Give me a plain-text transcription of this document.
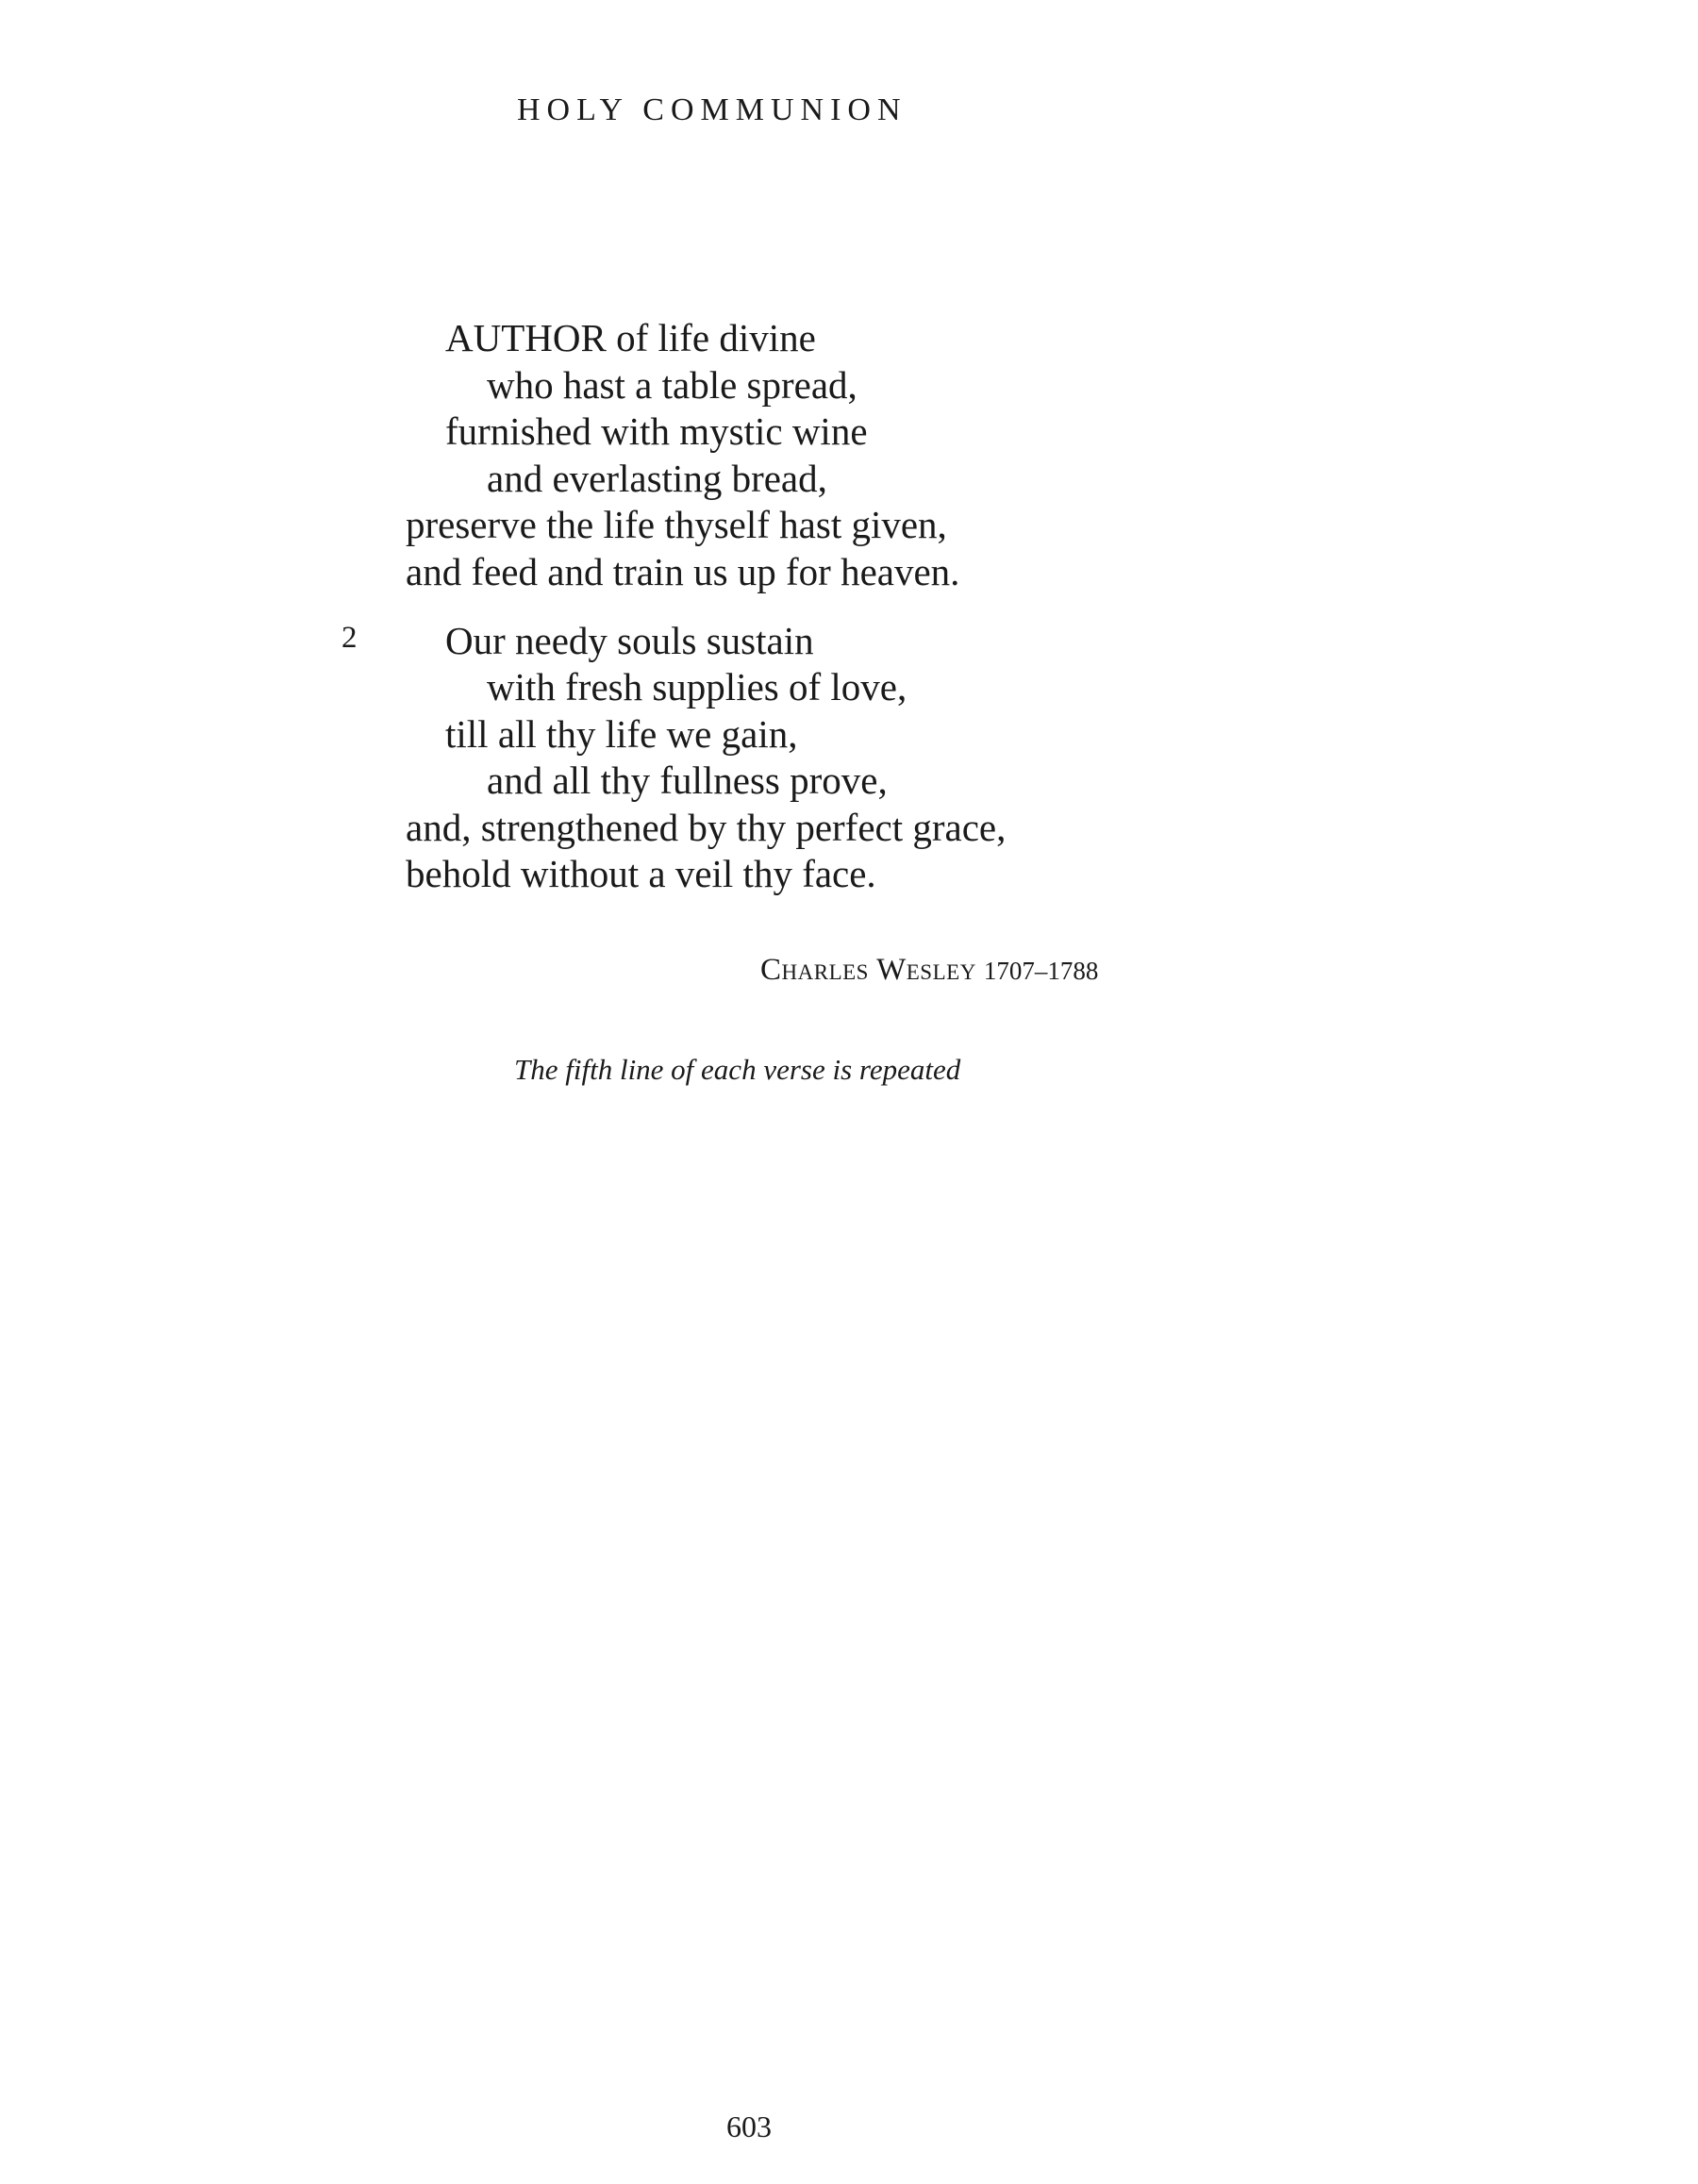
HOLY COMMUNION
AUTHOR of life divine
who hast a table spread,
furnished with mystic wine
and everlasting bread,
preserve the life thyself hast given,
and feed and train us up for heaven.
2 Our needy souls sustain
with fresh supplies of love,
till all thy life we gain,
and all thy fullness prove,
and, strengthened by thy perfect grace,
behold without a veil thy face.
Charles Wesley 1707–1788
The fifth line of each verse is repeated
603
